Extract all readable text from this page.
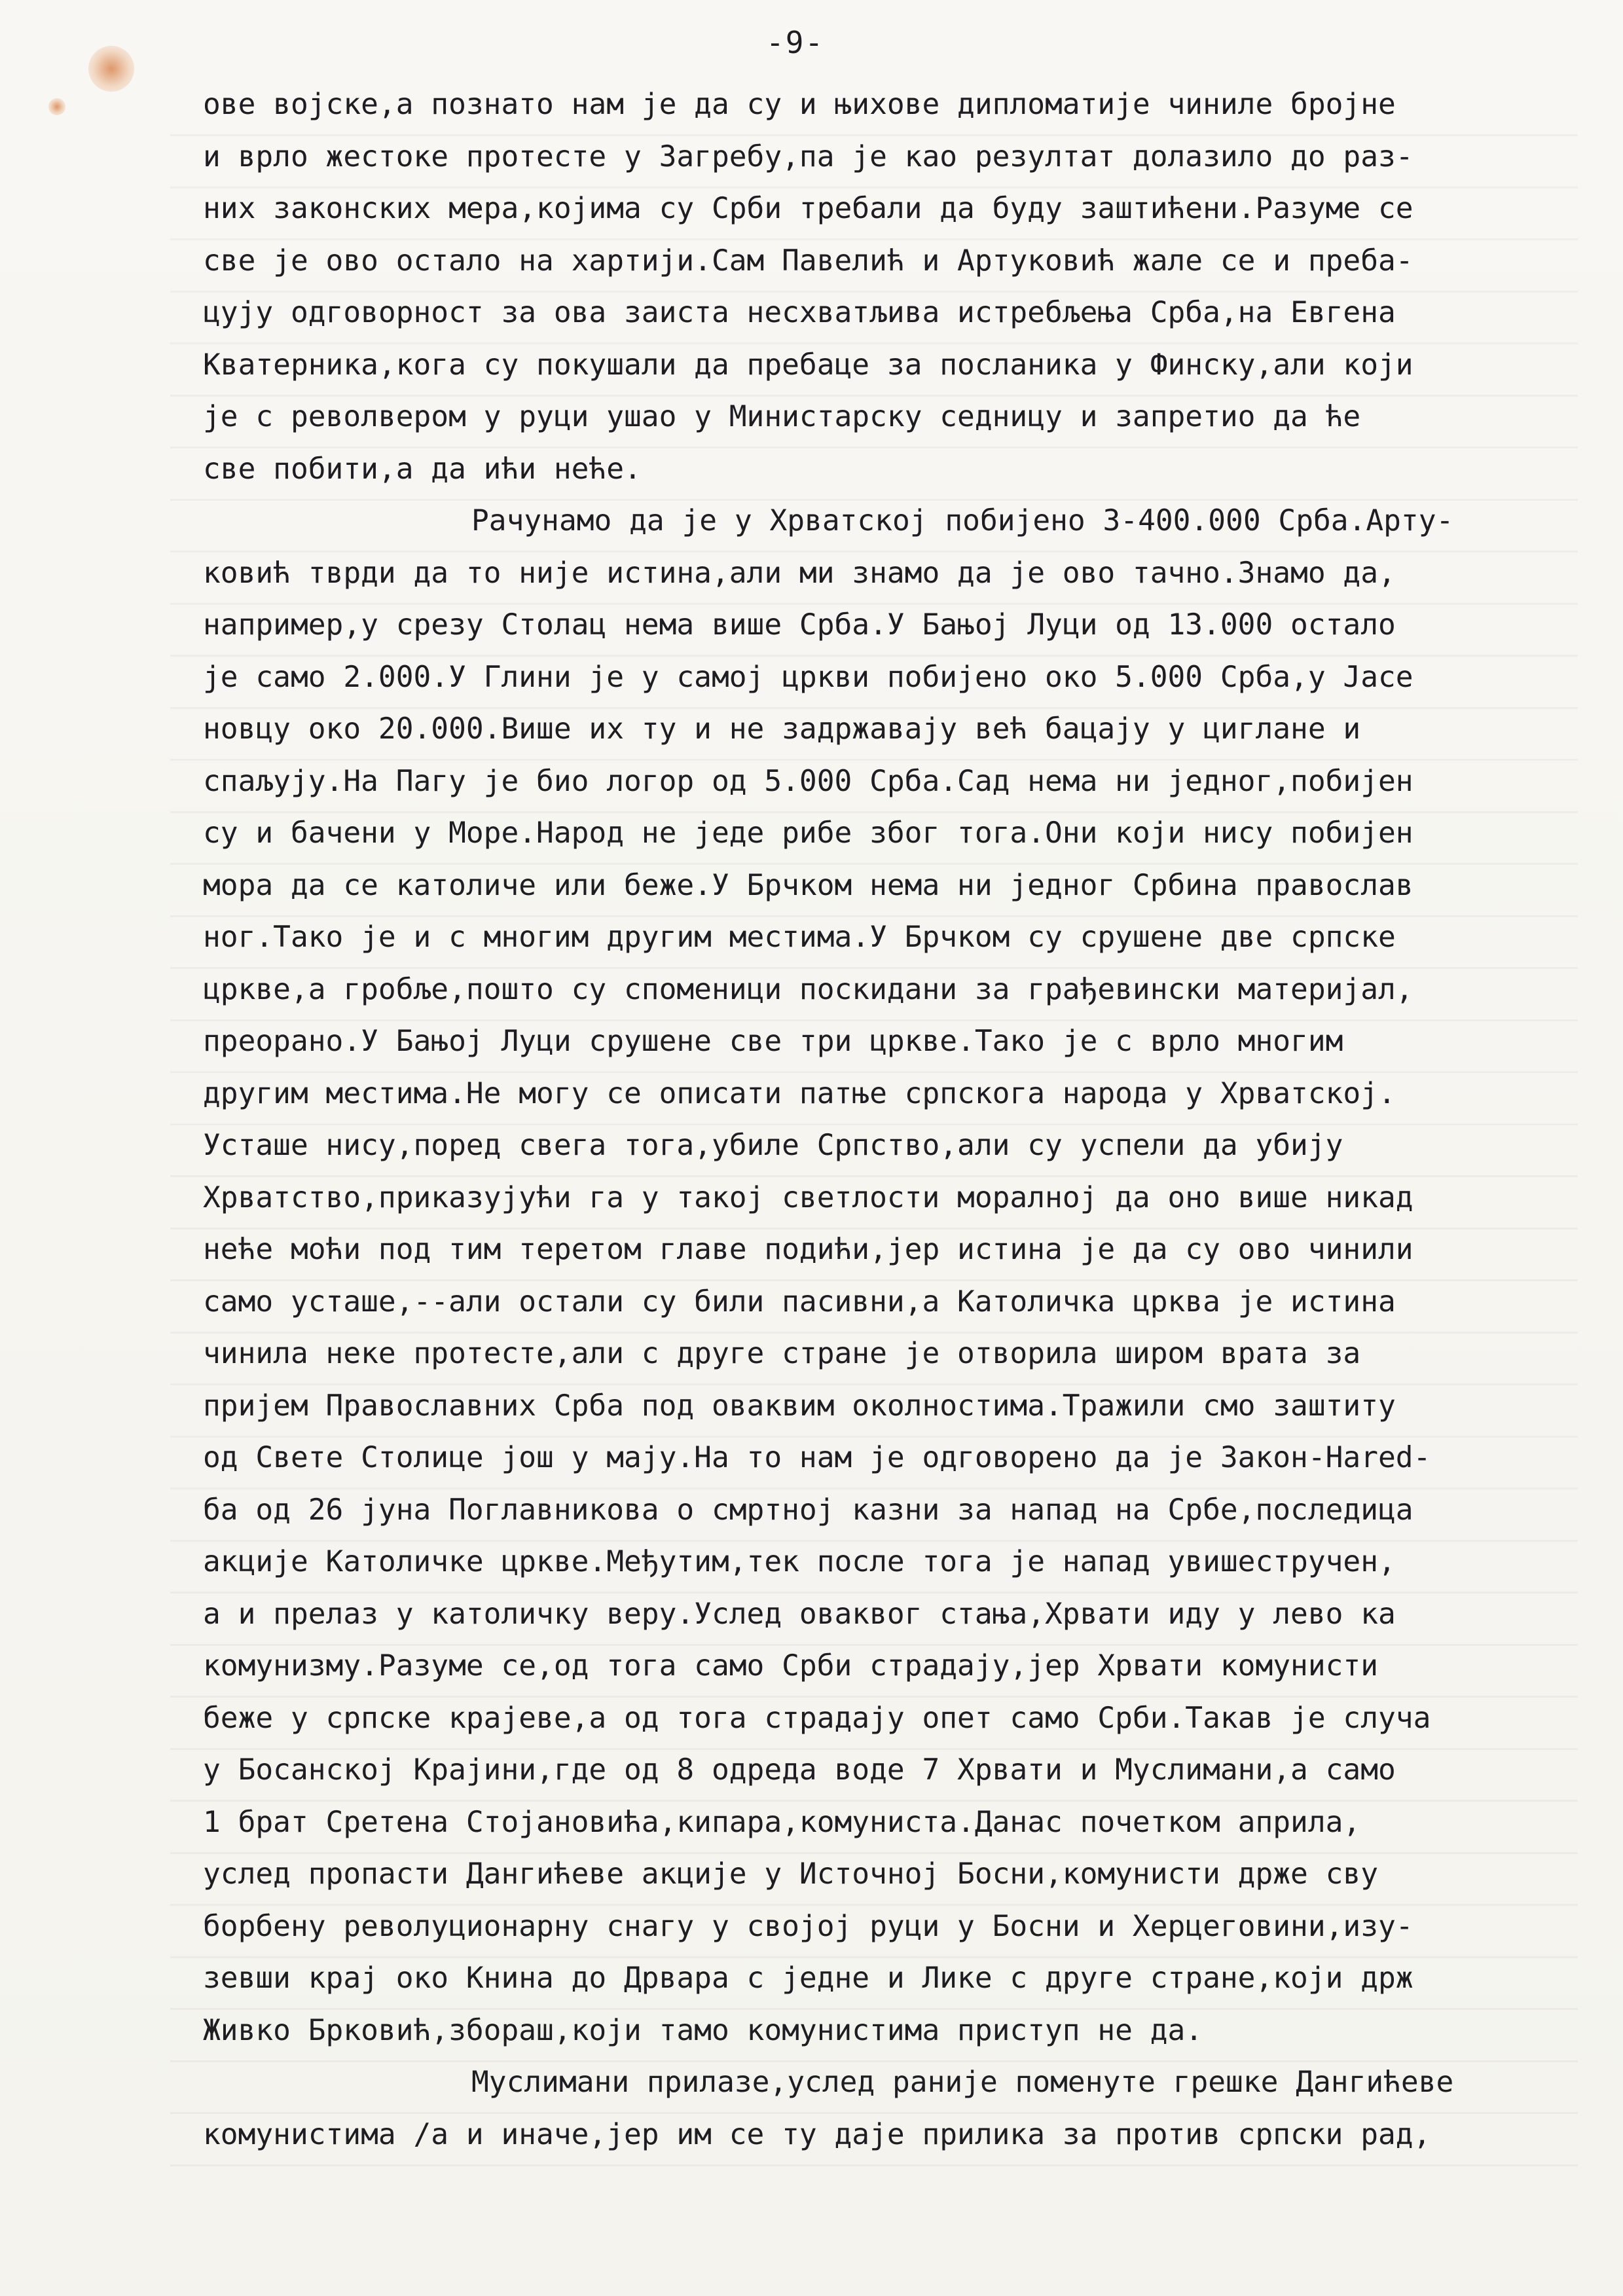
-9-
ове војске,а познато нам је да су и њихове дипломатије чиниле бројне
и врло жестоке протесте у Загребу,па је као резултат долазило до раз-
них законских мера,којима су Срби требали да буду заштићени.Разуме се
све је ово остало на хартији.Сам Павелић и Артуковић жале се и преба-
цују одговорност за ова заиста несхватљива истребљења Срба,на Евгена
Кватерника,кога су покушали да пребаце за посланика у Финску,али који
је с револвером у руци ушао у Министарску седницу и запретио да ће
све побити,а да ићи неће.
Рачунамо да је у Хрватској побијено 3-400.000 Срба.Арту-
ковић тврди да то није истина,али ми знамо да је ово тачно.Знамо да,
например,у срезу Столац нема више Срба.У Бањој Луци од 13.000 остало
је само 2.000.У Глини је у самој цркви побијено око 5.000 Срба,у Јасе
новцу око 20.000.Више их ту и не задржавају већ бацају у циглане и
спаљују.На Пагу је био логор од 5.000 Срба.Сад нема ни једног,побијен
су и бачени у Море.Народ не једе рибе због тога.Они који нису побијен
мора да се католиче или беже.У Брчком нема ни једног Србина православ
ног.Тако је и с многим другим местима.У Брчком су срушене две српске
цркве,а гробље,пошто су споменици поскидани за грађевински материјал,
преорано.У Бањој Луци срушене све три цркве.Тако је с врло многим
другим местима.Не могу се описати патње српскога народа у Хрватској.
Усташе нису,поред свега тога,убиле Српство,али су успели да убију
Хрватство,приказујући га у такој светлости моралној да оно више никад
неће моћи под тим теретом главе подићи,јер истина је да су ово чинили
само усташе,--али остали су били пасивни,а Католичка црква је истина
чинила неке протесте,али с друге стране је отворила широм врата за
пријем Православних Срба под оваквим околностима.Тражили смо заштиту
од Свете Столице још у мају.На то нам је одговорено да је Закон-Нared-
ба од 26 јуна Поглавникова о смртној казни за напад на Србе,последица
акције Католичке цркве.Међутим,тек после тога је напад увишестручен,
а и прелаз у католичку веру.Услед оваквог стања,Хрвати иду у лево ка
комунизму.Разуме се,од тога само Срби страдају,јер Хрвати комунисти
беже у српске крајеве,а од тога страдају опет само Срби.Такав је случа
у Босанској Крајини,где од 8 одреда воде 7 Хрвати и Муслимани,а само
1 брат Сретена Стојановића,кипара,комуниста.Данас почетком априла,
услед пропасти Дангићеве акције у Источној Босни,комунисти држе сву
борбену револуционарну снагу у својој руци у Босни и Херцеговини,изу-
зевши крај око Книна до Дрвара с једне и Лике с друге стране,који држ
Живко Брковић,збораш,који тамо комунистима приступ не да.
Муслимани прилазе,услед раније поменуте грешке Дангићеве
комунистима /а и иначе,јер им се ту даје прилика за против српски рад,
